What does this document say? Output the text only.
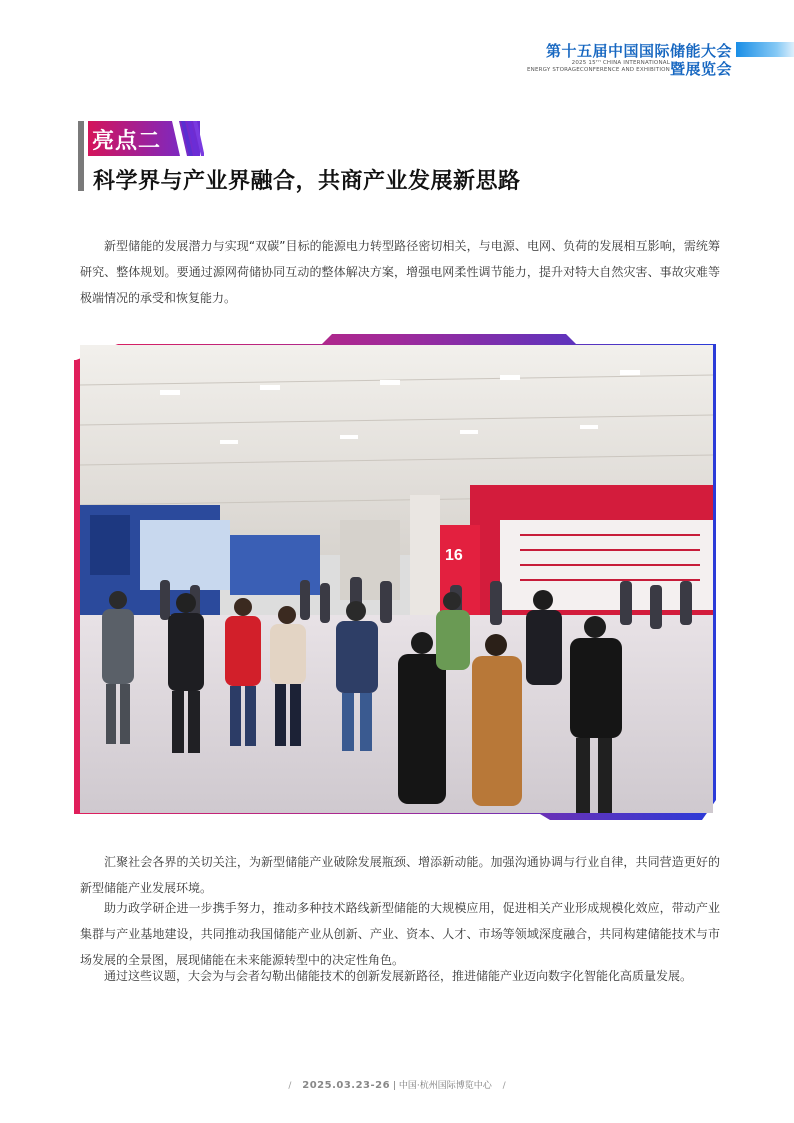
第十五届中国国际储能大会
2025 15ᵀᴴ CHINA INTERNATIONAL
ENERGY STORAGECONFERENCE AND EXHIBITION 暨展览会
亮点二
科学界与产业界融合，共商产业发展新思路
新型储能的发展潜力与实现“双碳”目标的能源电力转型路径密切相关，与电源、电网、负荷的发展相互影响，需统筹研究、整体规划。要通过源网荷储协同互动的整体解决方案，增强电网柔性调节能力，提升对特大自然灾害、事故灾难等极端情况的承受和恢复能力。
16
汇聚社会各界的关切关注，为新型储能产业破除发展瓶颈、增添新动能。加强沟通协调与行业自律，共同营造更好的新型储能产业发展环境。
助力政学研企进一步携手努力，推动多种技术路线新型储能的大规模应用，促进相关产业形成规模化效应，带动产业集群与产业基地建设，共同推动我国储能产业从创新、产业、资本、人才、市场等领域深度融合，共同构建储能技术与市场发展的全景图，展现储能在未来能源转型中的决定性角色。
通过这些议题，大会为与会者勾勒出储能技术的创新发展新路径，推进储能产业迈向数字化智能化高质量发展。
/ 2025.03.23-26 | 中国·杭州国际博览中心 /
